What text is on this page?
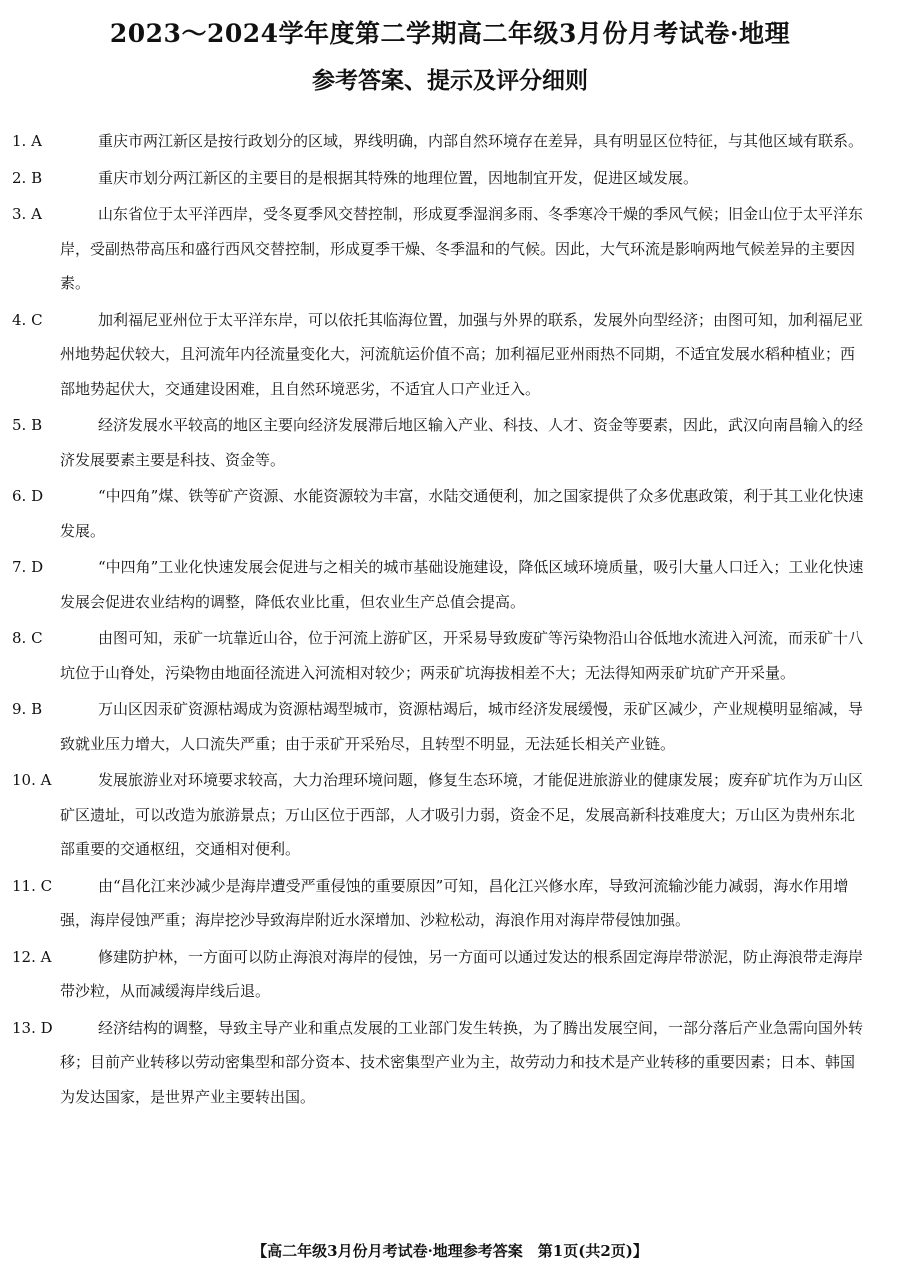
2023～2024学年度第二学期高二年级3月份月考试卷·地理
参考答案、提示及评分细则
1. A	重庆市两江新区是按行政划分的区域，界线明确，内部自然环境存在差异，具有明显区位特征，与其他区域有联系。
2. B	重庆市划分两江新区的主要目的是根据其特殊的地理位置，因地制宜开发，促进区域发展。
3. A	山东省位于太平洋西岸，受冬夏季风交替控制，形成夏季湿润多雨、冬季寒冷干燥的季风气候；旧金山位于太平洋东岸，受副热带高压和盛行西风交替控制，形成夏季干燥、冬季温和的气候。因此，大气环流是影响两地气候差异的主要因素。
4. C	加利福尼亚州位于太平洋东岸，可以依托其临海位置，加强与外界的联系，发展外向型经济；由图可知，加利福尼亚州地势起伏较大，且河流年内径流量变化大，河流航运价值不高；加利福尼亚州雨热不同期，不适宜发展水稻种植业；西部地势起伏大，交通建设困难，且自然环境恶劣，不适宜人口产业迁入。
5. B	经济发展水平较高的地区主要向经济发展滞后地区输入产业、科技、人才、资金等要素，因此，武汉向南昌输入的经济发展要素主要是科技、资金等。
6. D	“中四角”煤、铁等矿产资源、水能资源较为丰富，水陆交通便利，加之国家提供了众多优惠政策，利于其工业化快速发展。
7. D	“中四角”工业化快速发展会促进与之相关的城市基础设施建设，降低区域环境质量，吸引大量人口迁入；工业化快速发展会促进农业结构的调整，降低农业比重，但农业生产总值会提高。
8. C	由图可知，汞矿一坑靠近山谷，位于河流上游矿区，开采易导致废矿等污染物沿山谷低地水流进入河流，而汞矿十八坑位于山脊处，污染物由地面径流进入河流相对较少；两汞矿坑海拔相差不大；无法得知两汞矿坑矿产开采量。
9. B	万山区因汞矿资源枯竭成为资源枯竭型城市，资源枯竭后，城市经济发展缓慢，汞矿区减少，产业规模明显缩减，导致就业压力增大，人口流失严重；由于汞矿开采殆尽，且转型不明显，无法延长相关产业链。
10. A	发展旅游业对环境要求较高，大力治理环境问题，修复生态环境，才能促进旅游业的健康发展；废弃矿坑作为万山区矿区遗址，可以改造为旅游景点；万山区位于西部，人才吸引力弱，资金不足，发展高新科技难度大；万山区为贵州东北部重要的交通枢纽，交通相对便利。
11. C	由“昌化江来沙减少是海岸遭受严重侵蚀的重要原因”可知，昌化江兴修水库，导致河流输沙能力减弱，海水作用增强，海岸侵蚀严重；海岸挖沙导致海岸附近水深增加、沙粒松动，海浪作用对海岸带侵蚀加强。
12. A	修建防护林，一方面可以防止海浪对海岸的侵蚀，另一方面可以通过发达的根系固定海岸带淤泥，防止海浪带走海岸带沙粒，从而减缓海岸线后退。
13. D	经济结构的调整，导致主导产业和重点发展的工业部门发生转换，为了腾出发展空间，一部分落后产业急需向国外转移；目前产业转移以劳动密集型和部分资本、技术密集型产业为主，故劳动力和技术是产业转移的重要因素；日本、韩国为发达国家，是世界产业主要转出国。
【高二年级3月份月考试卷·地理参考答案　第1页(共2页)】
